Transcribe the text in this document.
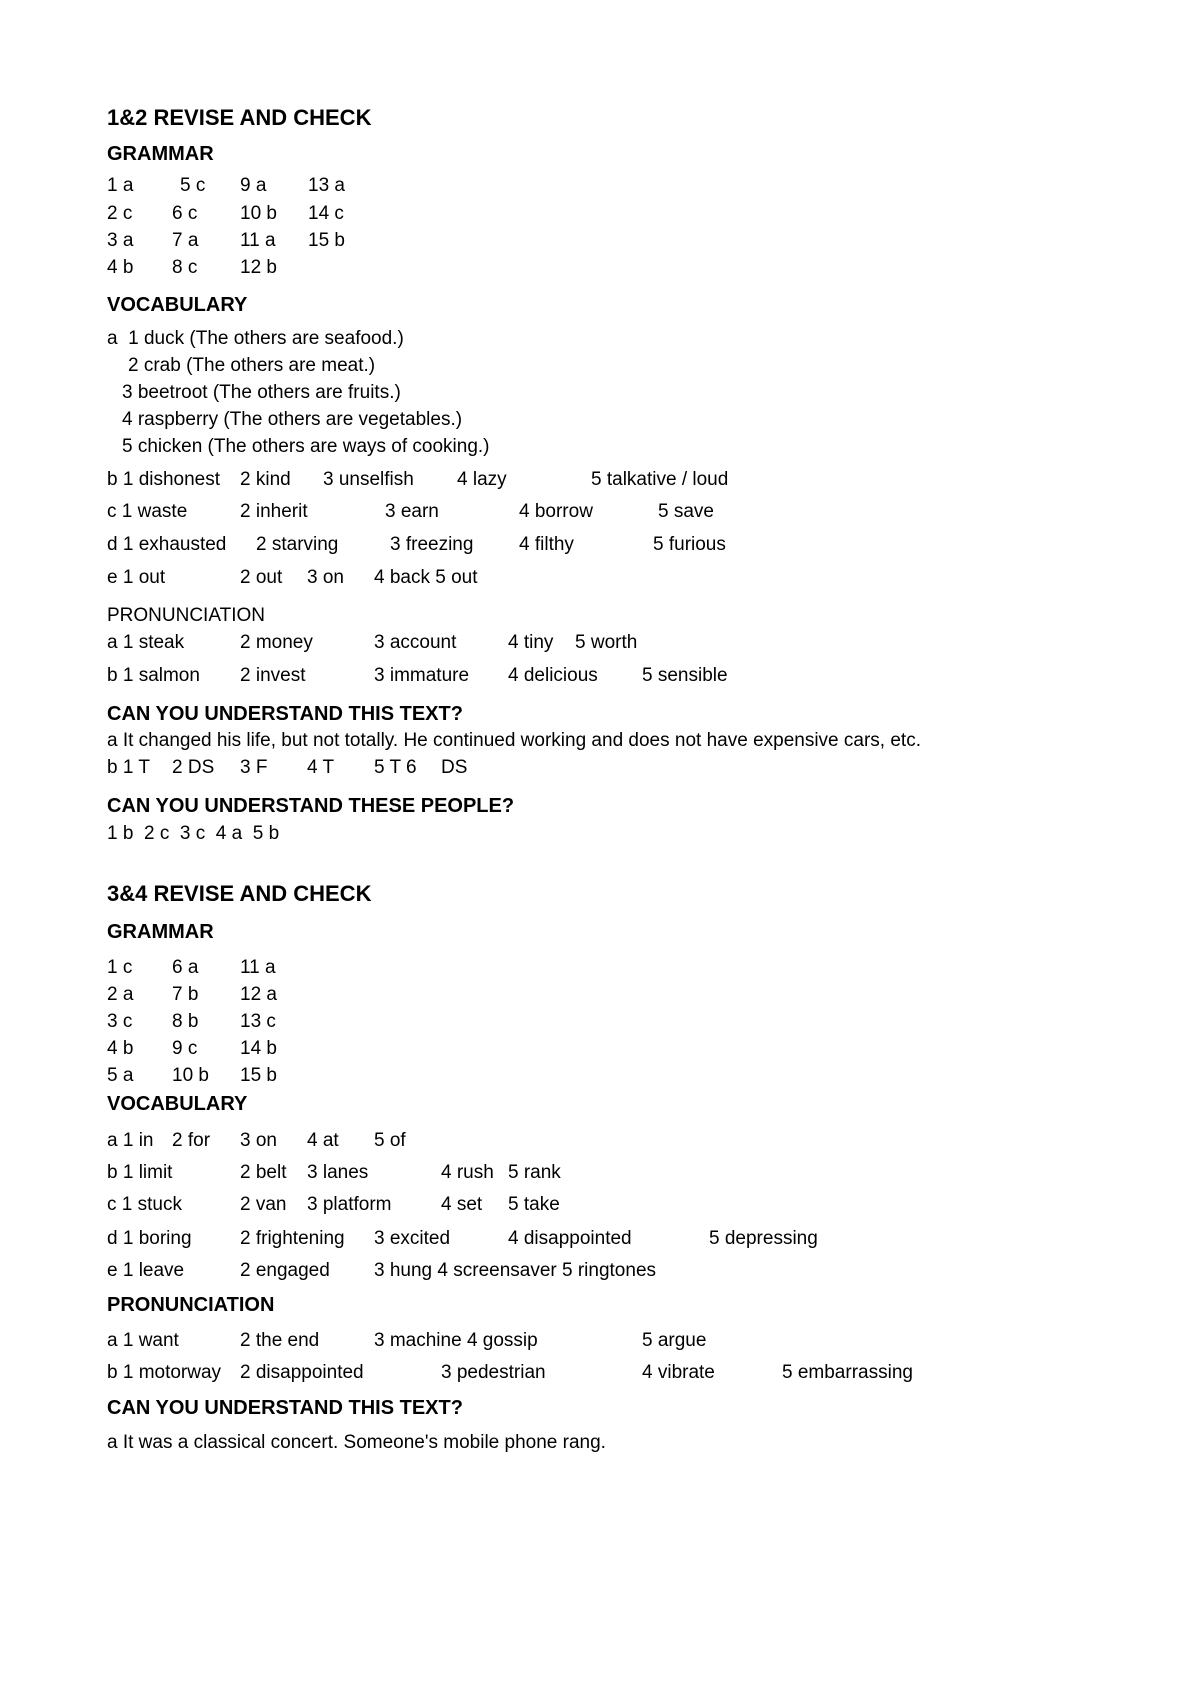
1&2 REVISE AND CHECK
GRAMMAR
1 a 5 c 9 a 13 a
2 c 6 c 10 b 14 c
3 a 7 a 11 a 15 b
4 b 8 c 12 b
VOCABULARY
a  1 duck (The others are seafood.)
2 crab (The others are meat.)
3 beetroot (The others are fruits.)
4 raspberry (The others are vegetables.)
5 chicken (The others are ways of cooking.)
b 1 dishonest 2 kind 3 unselfish 4 lazy	5 talkative / loud
c 1 waste	2 inherit	3 earn	4 borrow	5 save
d 1 exhausted 2 starving	3 freezing 4 filthy	5 furious
e 1 out	2 out 3 on 4 back 5 out
PRONUNCIATION
a 1 steak	2 money	3 account	4 tiny 5 worth
b 1 salmon 2 invest	3 immature 4 delicious 5 sensible
CAN YOU UNDERSTAND THIS TEXT?
a It changed his life, but not totally. He continued working and does not have expensive cars, etc.
b 1 T 2 DS 3 F 4 T 5 T 6 DS
CAN YOU UNDERSTAND THESE PEOPLE?
1 b  2 c  3 c  4 a  5 b
3&4 REVISE AND CHECK
GRAMMAR
1 c 6 a 11 a
2 a 7 b 12 a
3 c 8 b 13 c
4 b 9 c 14 b
5 a 10 b 15 b
VOCABULARY
a 1 in 2 for 3 on 4 at 5 of
b 1 limit	2 belt 3 lanes	4 rush 5 rank
c 1 stuck	2 van 3 platform	4 set 5 take
d 1 boring	2 frightening 3 excited	4 disappointed	5 depressing
e 1 leave	2 engaged 3 hung 4 screensaver 5 ringtones
PRONUNCIATION
a 1 want	2 the end	3 machine 4 gossip	5 argue
b 1 motorway 2 disappointed	3 pedestrian	4 vibrate	5 embarrassing
CAN YOU UNDERSTAND THIS TEXT?
a It was a classical concert. Someone's mobile phone rang.
